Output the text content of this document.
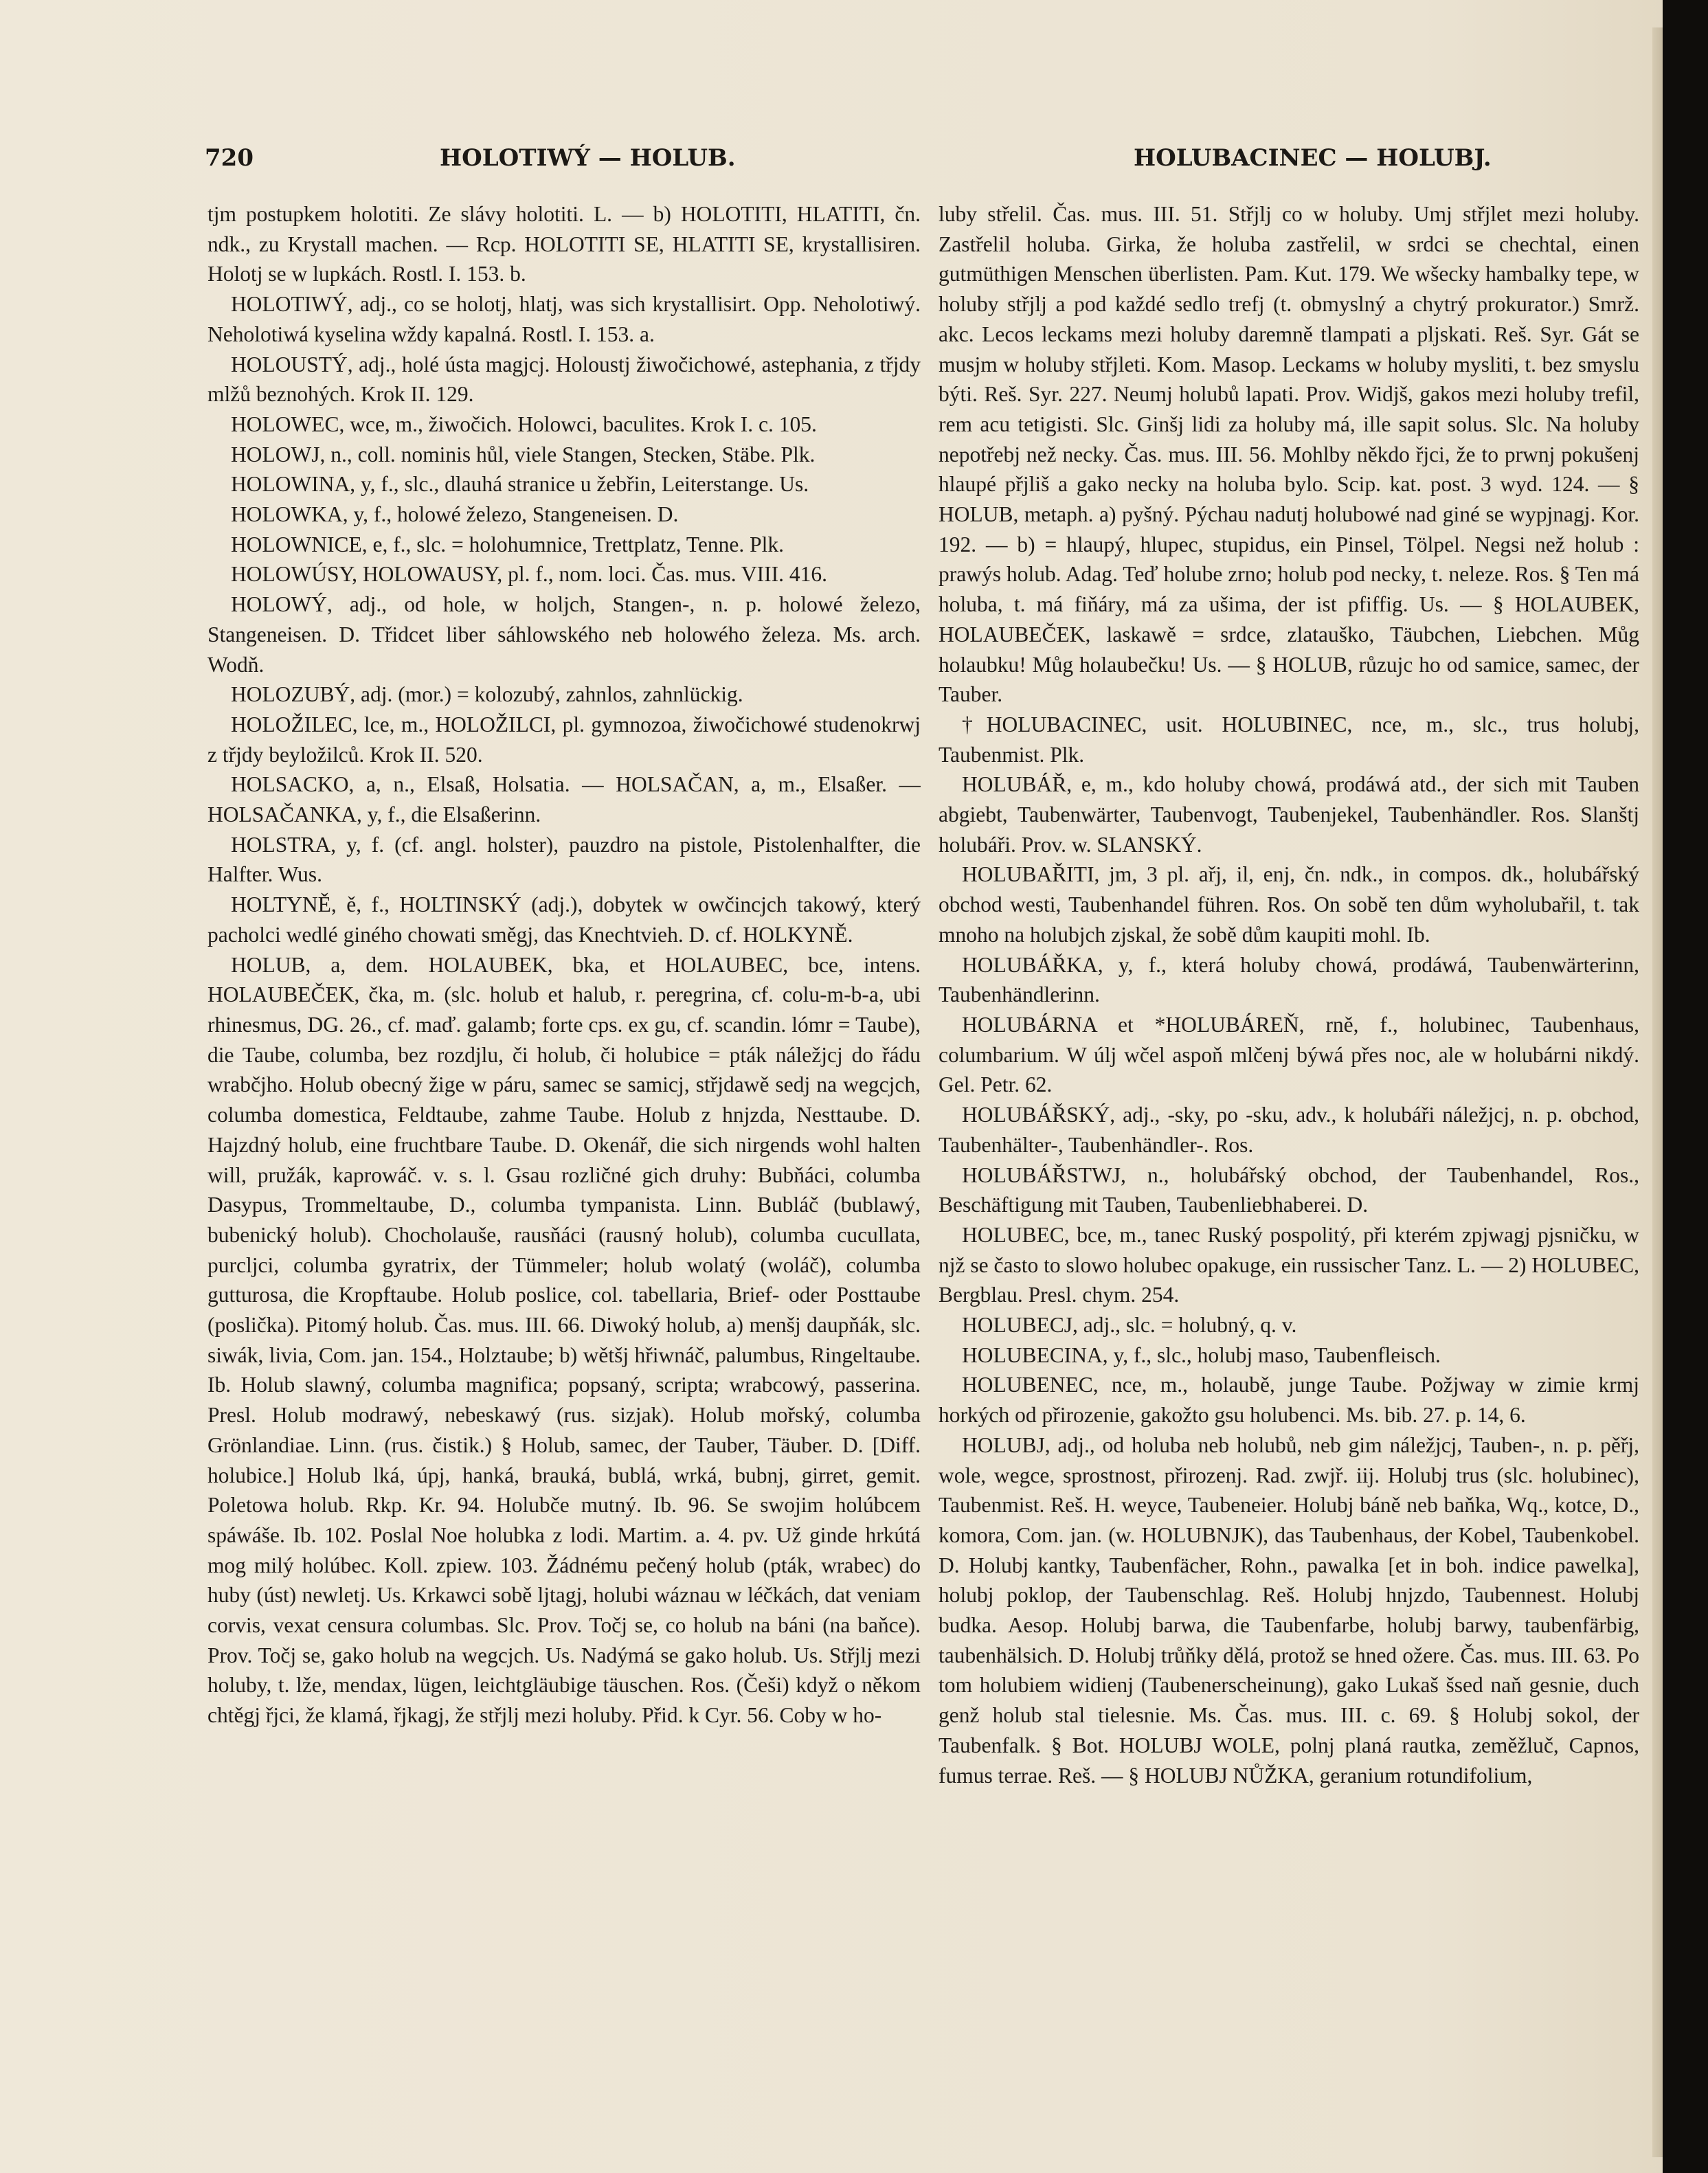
720	HOLOTIWÝ — HOLUB.	HOLUBACINEC — HOLUBJ.

tjm postupkem holotiti. Ze slávy holotiti. L. — b) HOLOTITI, HLATITI, čn. ndk., zu Krystall machen. — Rcp. HOLOTITI SE, HLATITI SE, krystallisiren. Holotj se w lupkách. Rostl. I. 153. b.

HOLOTIWÝ, adj., co se holotj, hlatj, was sich krystallisirt. Opp. Neholotiwý. Neholotiwá kyselina wždy kapalná. Rostl. I. 153. a.

HOLOUSTÝ, adj., holé ústa magjcj. Holoustj žiwočichowé, astephania, z třjdy mlžů beznohých. Krok II. 129.

HOLOWEC, wce, m., žiwočich. Holowci, baculites. Krok I. c. 105.

HOLOWJ, n., coll. nominis hůl, viele Stangen, Stecken, Stäbe. Plk.

HOLOWINA, y, f., slc., dlauhá stranice u žebřin, Leiterstange. Us.

HOLOWKA, y, f., holowé železo, Stangeneisen. D.

HOLOWNICE, e, f., slc. = holohumnice, Trettplatz, Tenne. Plk.

HOLOWÚSY, HOLOWAUSY, pl. f., nom. loci. Čas. mus. VIII. 416.

HOLOWÝ, adj., od hole, w holjch, Stangen-, n. p. holowé železo, Stangeneisen. D. Třidcet liber sáhlowského neb holowého železa. Ms. arch. Wodň.

HOLOZUBÝ, adj. (mor.) = kolozubý, zahnlos, zahnlückig.

HOLOŽILEC, lce, m., HOLOŽILCI, pl. gymnozoa, žiwočichowé studenokrwj z třjdy beyložilců. Krok II. 520.

HOLSACKO, a, n., Elsaß, Holsatia. — HOLSAČAN, a, m., Elsaßer. — HOLSAČANKA, y, f., die Elsaßerinn.

HOLSTRA, y, f. (cf. angl. holster), pauzdro na pistole, Pistolenhalfter, die Halfter. Wus.

HOLTYNĚ, ě, f., HOLTINSKÝ (adj.), dobytek w owčincjch takowý, který pacholci wedlé giného chowati směgj, das Knechtvieh. D. cf. HOLKYNĚ.

HOLUB, a, dem. HOLAUBEK, bka, et HOLAUBEC, bce, intens. HOLAUBEČEK, čka, m. (slc. holub et halub, r. peregrina, cf. colu-m-b-a, ubi rhinesmus, DG. 26., cf. maď. galamb; forte cps. ex gu, cf. scandin. lómr = Taube), die Taube, columba, bez rozdjlu, či holub, či holubice = pták náležjcj do řádu wrabčjho. Holub obecný žige w páru, samec se samicj, střjdawě sedj na wegcjch, columba domestica, Feldtaube, zahme Taube. Holub z hnjzda, Nesttaube. D. Hajzdný holub, eine fruchtbare Taube. D. Okenář, die sich nirgends wohl halten will, pružák, kaprowáč. v. s. l. Gsau rozličné gich druhy: Bubňáci, columba Dasypus, Trommeltaube, D., columba tympanista. Linn. Bubláč (bublawý, bubenický holub). Chocholauše, rausňáci (rausný holub), columba cucullata, purcljci, columba gyratrix, der Tümmeler; holub wolatý (woláč), columba gutturosa, die Kropftaube. Holub poslice, col. tabellaria, Brief- oder Posttaube (poslička). Pitomý holub. Čas. mus. III. 66. Diwoký holub, a) menšj daupňák, slc. siwák, livia, Com. jan. 154., Holztaube; b) wětšj hřiwnáč, palumbus, Ringeltaube. Ib. Holub slawný, columba magnifica; popsaný, scripta; wrabcowý, passerina. Presl. Holub modrawý, nebeskawý (rus. sizjak). Holub mořský, columba Grönlandiae. Linn. (rus. čistik.) § Holub, samec, der Tauber, Täuber. D. [Diff. holubice.] Holub lká, úpj, hanká, brauká, bublá, wrká, bubnj, girret, gemit. Poletowa holub. Rkp. Kr. 94. Holubče mutný. Ib. 96. Se swojim holúbcem spáwáše. Ib. 102. Poslal Noe holubka z lodi. Martim. a. 4. pv. Už ginde hrkútá mog milý holúbec. Koll. zpiew. 103. Žádnému pečený holub (pták, wrabec) do huby (úst) newletj. Us. Krkawci sobě ljtagj, holubi wáznau w léčkách, dat veniam corvis, vexat censura columbas. Slc. Prov. Točj se, co holub na báni (na baňce). Prov. Točj se, gako holub na wegcjch. Us. Nadýmá se gako holub. Us. Střjlj mezi holuby, t. lže, mendax, lügen, leichtgläubige täuschen. Ros. (Češi) když o někom chtěgj řjci, že klamá, řjkagj, že střjlj mezi holuby. Přid. k Cyr. 56. Coby w ho-

luby střelil. Čas. mus. III. 51. Střjlj co w holuby. Umj střjlet mezi holuby. Zastřelil holuba. Girka, že holuba zastřelil, w srdci se chechtal, einen gutmüthigen Menschen überlisten. Pam. Kut. 179. We wšecky hambalky tepe, w holuby střjlj a pod každé sedlo trefj (t. obmyslný a chytrý prokurator.) Smrž. akc. Lecos leckams mezi holuby daremně tlampati a pljskati. Reš. Syr. Gát se musjm w holuby střjleti. Kom. Masop. Leckams w holuby mysliti, t. bez smyslu býti. Reš. Syr. 227. Neumj holubů lapati. Prov. Widjš, gakos mezi holuby trefil, rem acu tetigisti. Slc. Ginšj lidi za holuby má, ille sapit solus. Slc. Na holuby nepotřebj než necky. Čas. mus. III. 56. Mohlby někdo řjci, že to prwnj pokušenj hlaupé přjliš a gako necky na holuba bylo. Scip. kat. post. 3 wyd. 124. — § HOLUB, metaph. a) pyšný. Pýchau nadutj holubowé nad giné se wypjnagj. Kor. 192. — b) = hlaupý, hlupec, stupidus, ein Pinsel, Tölpel. Negsi než holub : prawýs holub. Adag. Teď holube zrno; holub pod necky, t. neleze. Ros. § Ten má holuba, t. má fiňáry, má za ušima, der ist pfiffig. Us. — § HOLAUBEK, HOLAUBEČEK, laskawě = srdce, zlatauško, Täubchen, Liebchen. Můg holaubku! Můg holaubečku! Us. — § HOLUB, růzujc ho od samice, samec, der Tauber.

†HOLUBACINEC, usit. HOLUBINEC, nce, m., slc., trus holubj, Taubenmist. Plk.

HOLUBÁŘ, e, m., kdo holuby chowá, prodáwá atd., der sich mit Tauben abgiebt, Taubenwärter, Taubenvogt, Taubenjekel, Taubenhändler. Ros. Slanštj holubáři. Prov. w. SLANSKÝ.

HOLUBAŘITI, jm, 3 pl. ařj, il, enj, čn. ndk., in compos. dk., holubářský obchod westi, Taubenhandel führen. Ros. On sobě ten dům wyholubařil, t. tak mnoho na holubjch zjskal, že sobě dům kaupiti mohl. Ib.

HOLUBÁŘKA, y, f., která holuby chowá, prodáwá, Taubenwärterinn, Taubenhändlerinn.

HOLUBÁRNA et *HOLUBÁREŇ, rně, f., holubinec, Taubenhaus, columbarium. W úlj wčel aspoň mlčenj býwá přes noc, ale w holubárni nikdý. Gel. Petr. 62.

HOLUBÁŘSKÝ, adj., -sky, po -sku, adv., k holubáři náležjcj, n. p. obchod, Taubenhälter-, Taubenhändler-. Ros.

HOLUBÁŘSTWJ, n., holubářský obchod, der Taubenhandel, Ros., Beschäftigung mit Tauben, Taubenliebhaberei. D.

HOLUBEC, bce, m., tanec Ruský pospolitý, při kterém zpjwagj pjsničku, w njž se často to slowo holubec opakuge, ein russischer Tanz. L. — 2) HOLUBEC, Bergblau. Presl. chym. 254.

HOLUBECJ, adj., slc. = holubný, q. v.

HOLUBECINA, y, f., slc., holubj maso, Taubenfleisch.

HOLUBENEC, nce, m., holaubě, junge Taube. Požjway w zimie krmj horkých od přirozenie, gakožto gsu holubenci. Ms. bib. 27. p. 14, 6.

HOLUBJ, adj., od holuba neb holubů, neb gim náležjcj, Tauben-, n. p. pěřj, wole, wegce, sprostnost, přirozenj. Rad. zwjř. iij. Holubj trus (slc. holubinec), Taubenmist. Reš. H. weyce, Taubeneier. Holubj báně neb baňka, Wq., kotce, D., komora, Com. jan. (w. HOLUBNJK), das Taubenhaus, der Kobel, Taubenkobel. D. Holubj kantky, Taubenfächer, Rohn., pawalka [et in boh. indice pawelka], holubj poklop, der Taubenschlag. Reš. Holubj hnjzdo, Taubennest. Holubj budka. Aesop. Holubj barwa, die Taubenfarbe, holubj barwy, taubenfärbig, taubenhälsich. D. Holubj trůňky dělá, protož se hned ožere. Čas. mus. III. 63. Po tom holubiem widienj (Taubenerscheinung), gako Lukaš šsed naň gesnie, duch genž holub stal tielesnie. Ms. Čas. mus. III. c. 69. § Holubj sokol, der Taubenfalk. § Bot. HOLUBJ WOLE, polnj planá rautka, zeměžluč, Capnos, fumus terrae. Reš. — § HOLUBJ NŮŽKA, geranium rotundifolium,
